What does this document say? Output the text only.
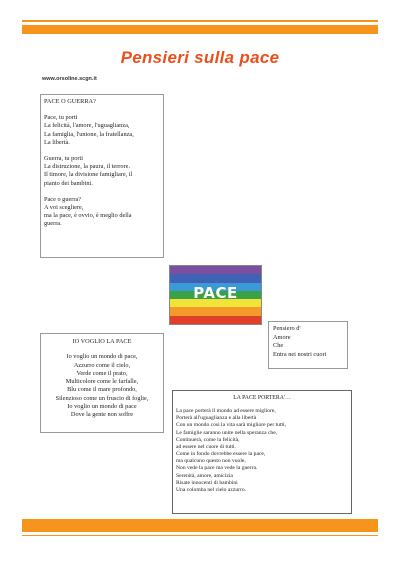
Pensieri sulla pace
www.orsoline.scgn.it
PACE O GUERRA?
Pace, tu porti
La felicità, l'amore, l'uguaglianza,
La famiglia, l'unione, la fratellanza,
La libertà.
Guerra, tu porti
La distruzione, la paura, il terrore.
Il timore, la divisione famigliare, il
pianto dei bambini.
Pace o guerra?
A voi scegliere,
ma la pace, è ovvio, è meglio della
guerra.
PACE
Pensiero d'
Amore
Che
Entra nei nostri cuori
IO VOGLIO LA PACE
Io voglio un mondo di pace,
Azzurro come il cielo,
Verde come il prato,
Multicolore come le farfalle,
Blu come il mare profondo,
Silenzioso come un fruscio di foglie,
Io voglio un mondo di pace
Dove la gente non soffre
LA PACE PORTERA'…
La pace porterà il mondo ad essere migliore,
Porterà all'uguaglianza e alla libertà
Con un mondo così la vita sarà migliore per tutti,
Le famiglie saranno unite nella speranza che,
Continuerà, come la felicità,
ad essere nel cuore di tutti.
Come in fondo dovrebbe essere la pace,
ma qualcuno questo non vuole,
Non vede la pace ma vede la guerra.
Serenità, amore, amicizia
Risate innocenti di bambini
Una colomba nel cielo azzurro.
